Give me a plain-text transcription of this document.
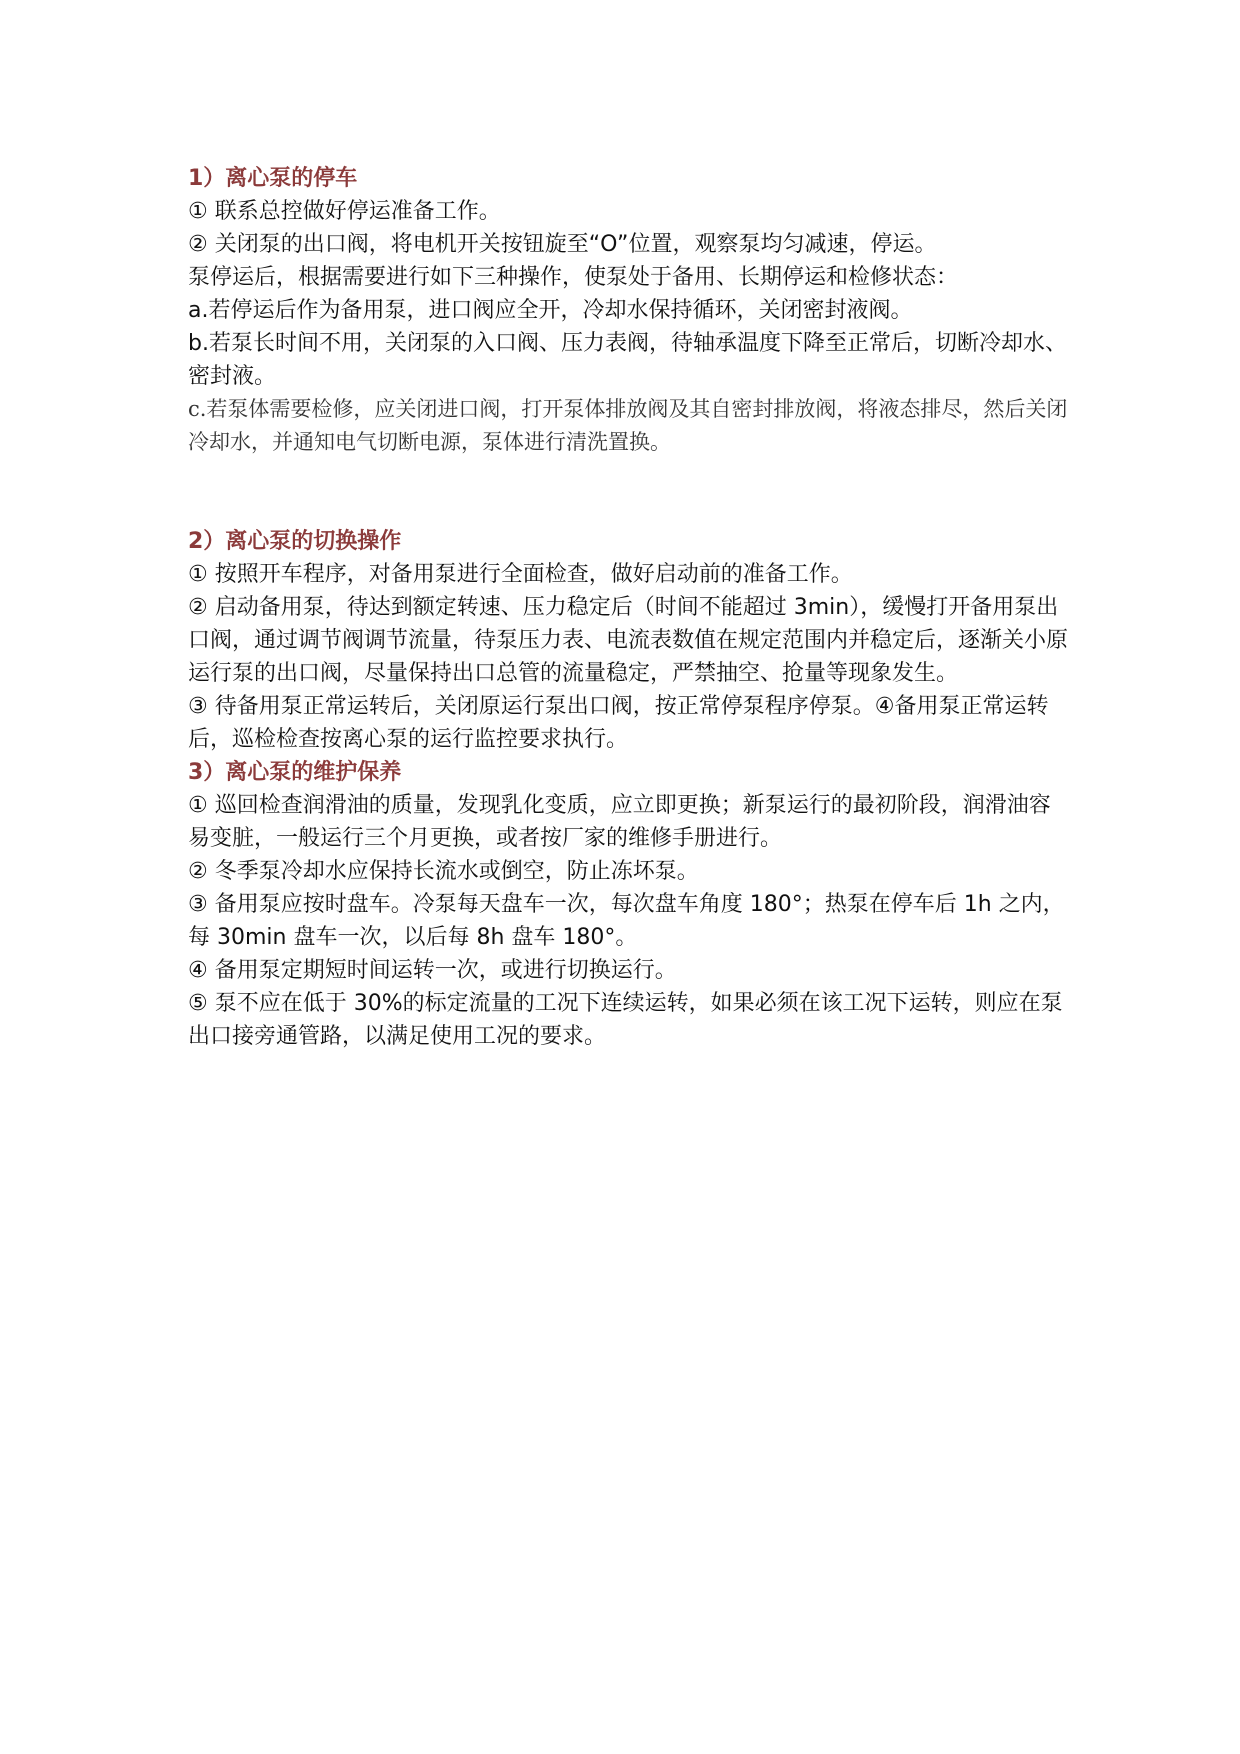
1）离心泵的停车

① 联系总控做好停运准备工作。

② 关闭泵的出口阀，将电机开关按钮旋至“O”位置，观察泵均匀减速，停运。

泵停运后，根据需要进行如下三种操作，使泵处于备用、长期停运和检修状态：

a.若停运后作为备用泵，进口阀应全开，冷却水保持循环，关闭密封液阀。

b.若泵长时间不用，关闭泵的入口阀、压力表阀，待轴承温度下降至正常后，切断冷却水、密封液。

c.若泵体需要检修，应关闭进口阀，打开泵体排放阀及其自密封排放阀，将液态排尽，然后关闭冷却水，并通知电气切断电源，泵体进行清洗置换。

2）离心泵的切换操作

① 按照开车程序，对备用泵进行全面检查，做好启动前的准备工作。

② 启动备用泵，待达到额定转速、压力稳定后（时间不能超过 3min），缓慢打开备用泵出口阀，通过调节阀调节流量，待泵压力表、电流表数值在规定范围内并稳定后，逐渐关小原运行泵的出口阀，尽量保持出口总管的流量稳定，严禁抽空、抢量等现象发生。

③ 待备用泵正常运转后，关闭原运行泵出口阀，按正常停泵程序停泵。④备用泵正常运转后，巡检检查按离心泵的运行监控要求执行。

3）离心泵的维护保养

① 巡回检查润滑油的质量，发现乳化变质，应立即更换；新泵运行的最初阶段，润滑油容易变脏，一般运行三个月更换，或者按厂家的维修手册进行。

② 冬季泵冷却水应保持长流水或倒空，防止冻坏泵。

③ 备用泵应按时盘车。冷泵每天盘车一次，每次盘车角度 180°；热泵在停车后 1h 之内，每 30min 盘车一次，以后每 8h 盘车 180°。

④ 备用泵定期短时间运转一次，或进行切换运行。

⑤ 泵不应在低于 30%的标定流量的工况下连续运转，如果必须在该工况下运转，则应在泵出口接旁通管路，以满足使用工况的要求。
